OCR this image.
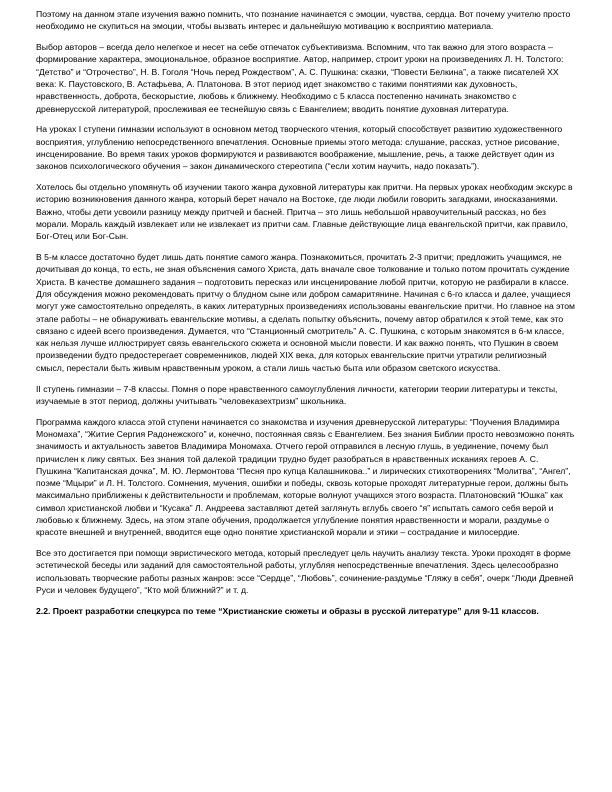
Поэтому на данном этапе изучения важно помнить, что познание начинается с эмоции, чувства, сердца. Вот почему учителю просто необходимо не скупиться на эмоции, чтобы вызвать интерес и дальнейшую мотивацию к восприятию материала.

Выбор авторов – всегда дело нелегкое и несет на себе отпечаток субъективизма. Вспомним, что так важно для этого возраста – формирование характера, эмоциональное, образное восприятие. Автор, например, строит уроки на произведениях Л. Н. Толстого: “Детство” и “Отрочество”, Н. В. Гоголя “Ночь перед Рождеством”, А. С. Пушкина: сказки, “Повести Белкина”, а также писателей XX века: К. Паустовского, В. Астафьева, А. Платонова. В этот период идет знакомство с такими понятиями как духовность, нравственность, доброта, бескорыстие, любовь к ближнему. Необходимо с 5 класса постепенно начинать знакомство с древнерусской литературой, прослеживая ее теснейшую связь с Евангелием; вводить понятие духовная литература.

На уроках I ступени гимназии используют в основном метод творческого чтения, который способствует развитию художественного восприятия, углублению непосредственного впечатления. Основные приемы этого метода: слушание, рассказ, устное рисование, инсценирование. Во время таких уроков формируются и развиваются воображение, мышление, речь, а также действует один из законов психологического обучения – закон динамического стереотипа (“если хотим научить, надо показать”).

Хотелось бы отдельно упомянуть об изучении такого жанра духовной литературы как притчи. На первых уроках необходим экскурс в историю возникновения данного жанра, который берет начало на Востоке, где люди любили говорить загадками, иносказаниями. Важно, чтобы дети усвоили разницу между притчей и басней. Притча – это лишь небольшой нравоучительный рассказ, но без морали. Мораль каждый извлекает или не извлекает из притчи сам. Главные действующие лица евангельской притчи, как правило, Бог-Отец или Бог-Сын.

В 5-м классе достаточно будет лишь дать понятие самого жанра. Познакомиться, прочитать 2-3 притчи; предложить учащимся, не дочитывая до конца, то есть, не зная объяснения самого Христа, дать вначале свое толкование и только потом прочитать суждение Христа. В качестве домашнего задания – подготовить пересказ или инсценирование любой притчи, которую не разбирали в классе. Для обсуждения можно рекомендовать притчу о блудном сыне или добром самаритянине. Начиная с 6-го класса и далее, учащиеся могут уже самостоятельно определять, в каких литературных произведениях использованы евангельские притчи. Но главное на этом этапе работы – не обнаруживать евангельские мотивы, а сделать попытку объяснить, почему автор обратился к этой теме, как это связано с идеей всего произведения. Думается, что “Станционный смотритель” А. С. Пушкина, с которым знакомятся в 6-м классе, как нельзя лучше иллюстрирует связь евангельского сюжета и основной мысли повести. И как важно понять, что Пушкин в своем произведении будто предостерегает современников, людей XIX века, для которых евангельские притчи утратили религиозный смысл, перестали быть живым нравственным уроком, а стали лишь частью быта или образом светского искусства.

II ступень гимназии – 7-8 классы. Помня о поре нравственного самоуглубления личности, категории теории литературы и тексты, изучаемые в этот период, должны учитывать “человеказехтризм” школьника.

Программа каждого класса этой ступени начинается со знакомства и изучения древнерусской литературы: “Поучения Владимира Мономаха”, “Житие Сергия Радонежского” и, конечно, постоянная связь с Евангелием. Без знания Библии просто невозможно понять значимость и актуальность заветов Владимира Мономаха. Отчего герой отправился в лесную глушь, в уединение, почему был причислен к лику святых. Без знания той далекой традиции трудно будет разобраться в нравственных исканиях героев А. С. Пушкина “Капитанская дочка”, М. Ю. Лермонтова “Песня про купца Калашникова..” и лирических стихотворениях “Молитва”, “Ангел”, поэме “Мцыри” и Л. Н. Толстого. Сомнения, мучения, ошибки и победы, сквозь которые проходят литературные герои, должны быть максимально приближены к действительности и проблемам, которые волнуют учащихся этого возраста. Платоновский “Юшка” как символ христианской любви и “Кусака” Л. Андреева заставляют детей заглянуть вглубь своего “я” испытать самого себя верой и любовью к ближнему. Здесь, на этом этапе обучения, продолжается углубление понятия нравственности и морали, раздумье о красоте внешней и внутренней, вводится еще одно понятие христианской морали и этики – сострадание и милосердие.

Все это достигается при помощи эвристического метода, который преследует цель научить анализу текста. Уроки проходят в форме эстетической беседы или заданий для самостоятельной работы, углубляя непосредственные впечатления. Здесь целесообразно использовать творческие работы разных жанров: эссе “Сердце”, “Любовь”, сочинение-раздумье “Гляжу в себя”, очерк “Люди Древней Руси и человек будущего”, “Кто мой ближний?” и т. д.

2.2. Проект разработки спецкурса по теме “Христианские сюжеты и образы в русской литературе” для 9-11 классов.
